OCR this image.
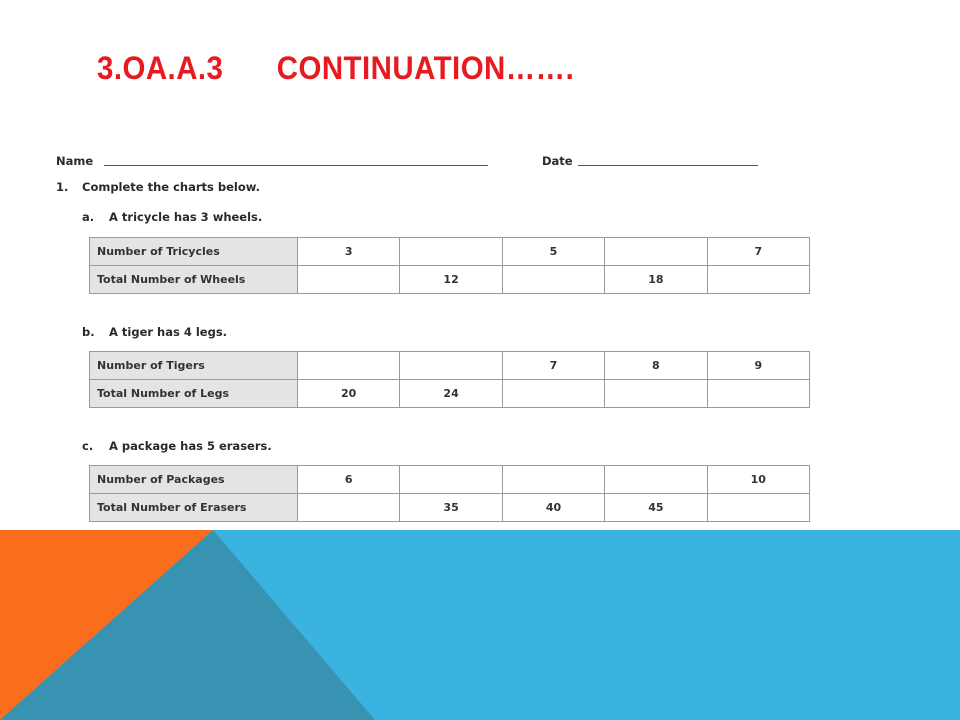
3.OA.A.3 CONTINUATION…….
Name	Date
1. Complete the charts below.
a. A tricycle has 3 wheels.
Number of Tricycles	3		5		7
Total Number of Wheels		12		18	
b. A tiger has 4 legs.
Number of Tigers			7	8	9
Total Number of Legs	20	24			
c. A package has 5 erasers.
Number of Packages	6				10
Total Number of Erasers		35	40	45	
